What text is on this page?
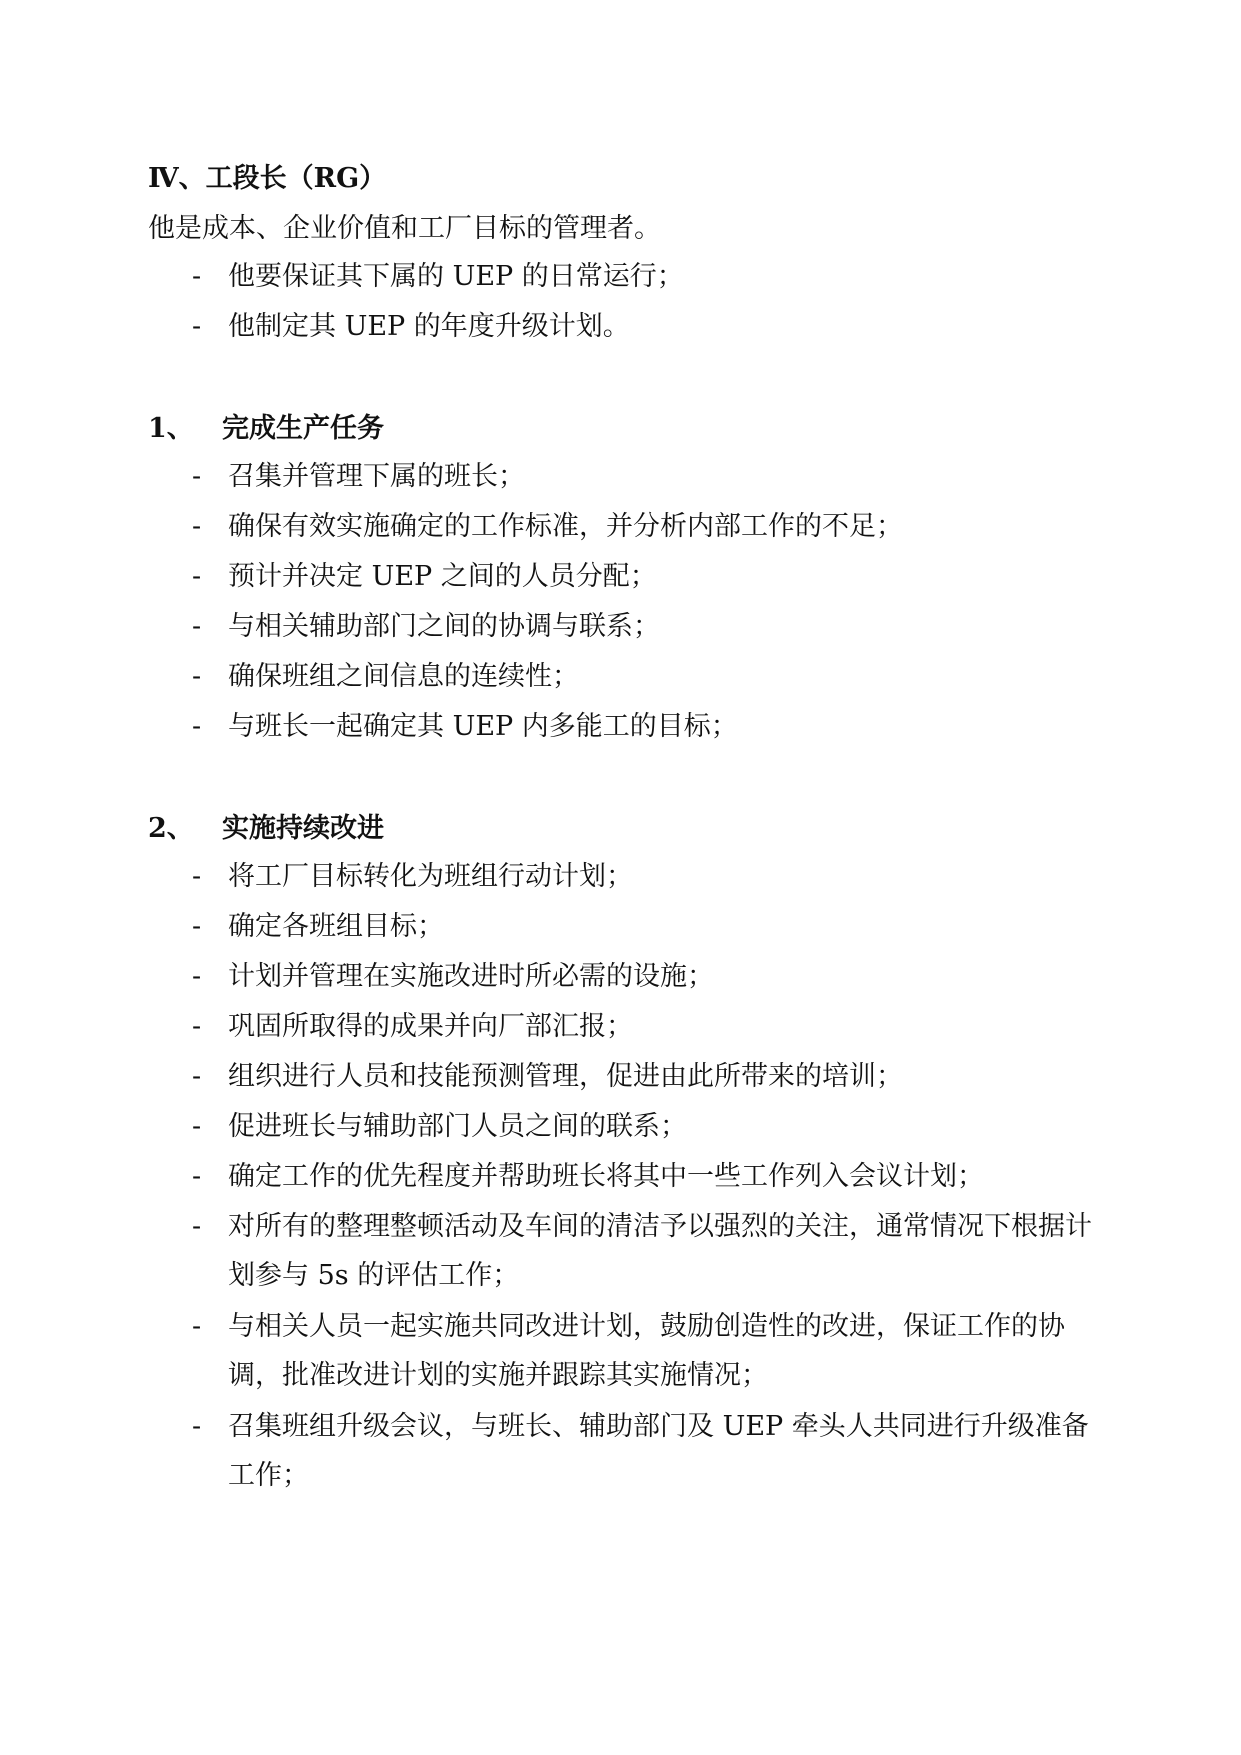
Ⅳ、工段长（RG）
他是成本、企业价值和工厂目标的管理者。
- 他要保证其下属的 UEP 的日常运行；
- 他制定其 UEP 的年度升级计划。
1、 完成生产任务
- 召集并管理下属的班长；
- 确保有效实施确定的工作标准，并分析内部工作的不足；
- 预计并决定 UEP 之间的人员分配；
- 与相关辅助部门之间的协调与联系；
- 确保班组之间信息的连续性；
- 与班长一起确定其 UEP 内多能工的目标；
2、 实施持续改进
- 将工厂目标转化为班组行动计划；
- 确定各班组目标；
- 计划并管理在实施改进时所必需的设施；
- 巩固所取得的成果并向厂部汇报；
- 组织进行人员和技能预测管理，促进由此所带来的培训；
- 促进班长与辅助部门人员之间的联系；
- 确定工作的优先程度并帮助班长将其中一些工作列入会议计划；
- 对所有的整理整顿活动及车间的清洁予以强烈的关注，通常情况下根据计划参与 5s 的评估工作；
- 与相关人员一起实施共同改进计划，鼓励创造性的改进，保证工作的协调，批准改进计划的实施并跟踪其实施情况；
- 召集班组升级会议，与班长、辅助部门及 UEP 牵头人共同进行升级准备工作；
